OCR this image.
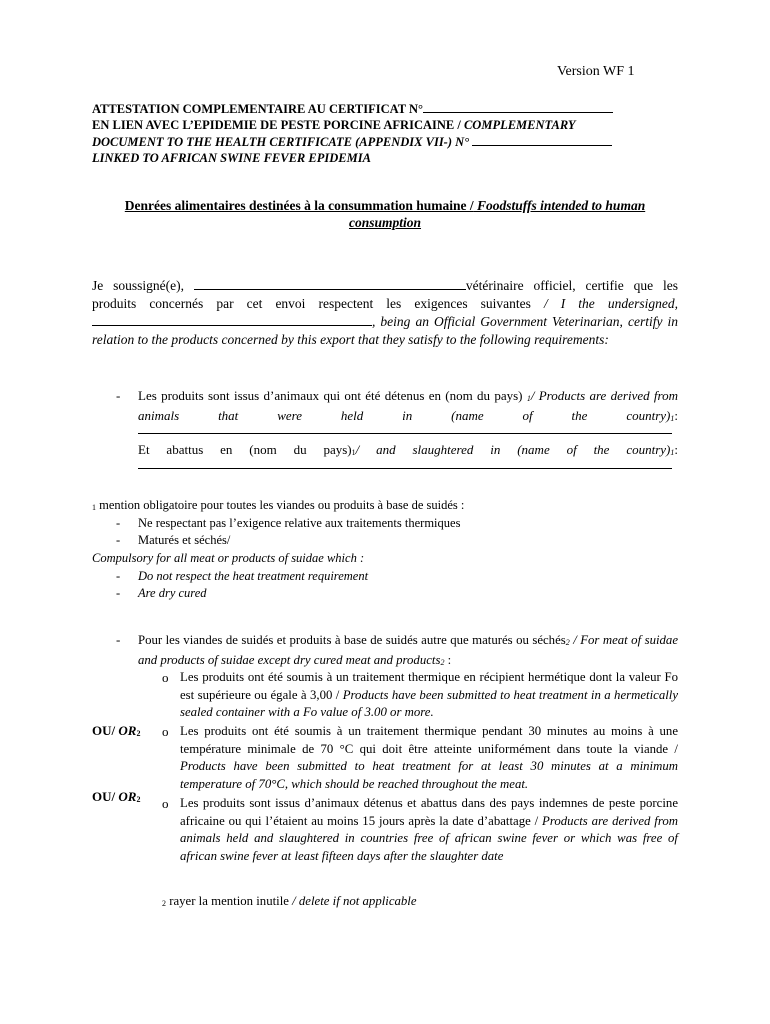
Version WF 1
ATTESTATION COMPLEMENTAIRE AU CERTIFICAT N°
EN LIEN AVEC L’EPIDEMIE DE PESTE PORCINE AFRICAINE / COMPLEMENTARY
DOCUMENT TO THE HEALTH CERTIFICATE (APPENDIX VII-) N°
LINKED TO AFRICAN SWINE FEVER EPIDEMIA
Denrées alimentaires destinées à la consummation humaine / Foodstuffs intended to human consumption
Je soussigné(e),	vétérinaire officiel, certifie que les produits concernés par cet envoi respectent les exigences suivantes / I the undersigned, , being an Official Government Veterinarian, certify in relation to the products concerned by this export that they satisfy to the following requirements:
- Les produits sont issus d’animaux qui ont été détenus en (nom du pays) 1/ Products are derived from animals that were held in (name of the country)1:
Et abattus en (nom du pays)1/ and slaughtered in (name of the country)1:
1 mention obligatoire pour toutes les viandes ou produits à base de suidés :
- Ne respectant pas l’exigence relative aux traitements thermiques
- Maturés et séchés/
Compulsory for all meat or products of suidae which :
- Do not respect the heat treatment requirement
- Are dry cured
- Pour les viandes de suidés et produits à base de suidés autre que maturés ou séchés2 / For meat of suidae and products of suidae except dry cured meat and products2 :
o Les produits ont été soumis à un traitement thermique en récipient hermétique dont la valeur Fo est supérieure ou égale à 3,00 / Products have been submitted to heat treatment in a hermetically sealed container with a Fo value of 3.00 or more.
OU/ OR2 o Les produits ont été soumis à un traitement thermique pendant 30 minutes au moins à une température minimale de 70 °C qui doit être atteinte uniformément dans toute la viande / Products have been submitted to heat treatment for at least 30 minutes at a minimum temperature of 70°C, which should be reached throughout the meat.
OU/ OR2 o Les produits sont issus d’animaux détenus et abattus dans des pays indemnes de peste porcine africaine ou qui l’étaient au moins 15 jours après la date d’abattage / Products are derived from animals held and slaughtered in countries free of african swine fever or which was free of african swine fever at least fifteen days after the slaughter date
2 rayer la mention inutile / delete if not applicable
